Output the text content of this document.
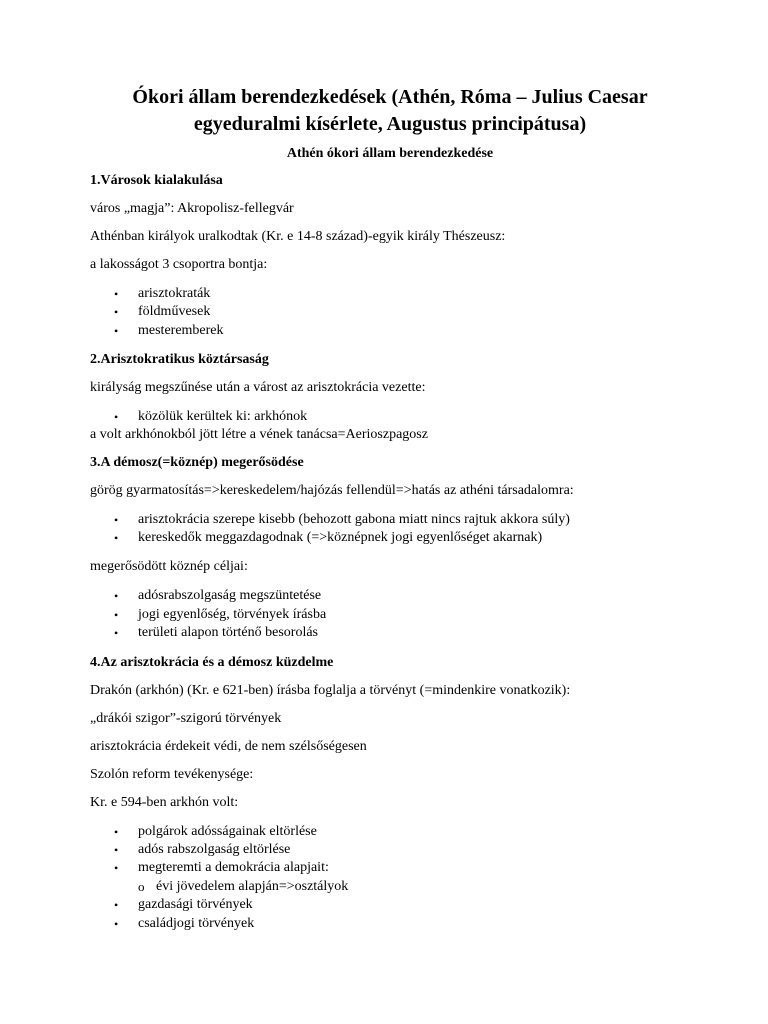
Ókori állam berendezkedések (Athén, Róma – Julius Caesar
egyeduralmi kísérlete, Augustus principátusa)
Athén ókori állam berendezkedése
1.Városok kialakulása
város „magja”: Akropolisz-fellegvár
Athénban királyok uralkodtak (Kr. e 14-8 század)-egyik király Thészeusz:
a lakosságot 3 csoportra bontja:
• arisztokraták
• földművesek
• mesteremberek
2.Arisztokratikus köztársaság
királyság megszűnése után a várost az arisztokrácia vezette:
• közölük kerültek ki: arkhónok
a volt arkhónokból jött létre a vének tanácsa=Aerioszpagosz
3.A démosz(=köznép) megerősödése
görög gyarmatosítás=>kereskedelem/hajózás fellendül=>hatás az athéni társadalomra:
• arisztokrácia szerepe kisebb (behozott gabona miatt nincs rajtuk akkora súly)
• kereskedők meggazdagodnak (=>köznépnek jogi egyenlőséget akarnak)
megerősödött köznép céljai:
• adósrabszolgaság megszüntetése
• jogi egyenlőség, törvények írásba
• területi alapon történő besorolás
4.Az arisztokrácia és a démosz küzdelme
Drakón (arkhón) (Kr. e 621-ben) írásba foglalja a törvényt (=mindenkire vonatkozik):
„drákói szigor”-szigorú törvények
arisztokrácia érdekeit védi, de nem szélsőségesen
Szolón reform tevékenysége:
Kr. e 594-ben arkhón volt:
• polgárok adósságainak eltörlése
• adós rabszolgaság eltörlése
• megteremti a demokrácia alapjait:
o évi jövedelem alapján=>osztályok
• gazdasági törvények
• családjogi törvények
